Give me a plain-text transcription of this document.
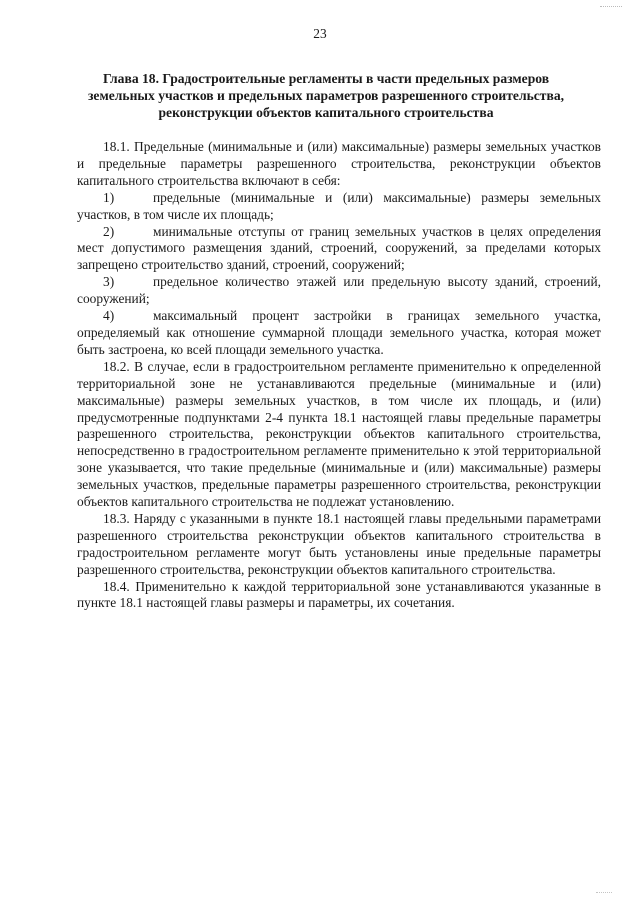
23
Глава 18. Градостроительные регламенты в части предельных размеров
земельных участков и предельных параметров разрешенного строительства,
реконструкции объектов капитального строительства

18.1. Предельные (минимальные и (или) максимальные) размеры земельных участков и предельные параметры разрешенного строительства, реконструкции объектов капитального строительства включают в себя:

1)	предельные (минимальные и (или) максимальные) размеры земельных участков, в том числе их площадь;

2)	минимальные отступы от границ земельных участков в целях определения мест допустимого размещения зданий, строений, сооружений, за пределами которых запрещено строительство зданий, строений, сооружений;

3)	предельное количество этажей или предельную высоту зданий, строений, сооружений;

4)	максимальный процент застройки в границах земельного участка, определяемый как отношение суммарной площади земельного участка, которая может быть застроена, ко всей площади земельного участка.

18.2. В случае, если в градостроительном регламенте применительно к определенной территориальной зоне не устанавливаются предельные (минимальные и (или) максимальные) размеры земельных участков, в том числе их площадь, и (или) предусмотренные подпунктами 2-4 пункта 18.1 настоящей главы предельные параметры разрешенного строительства, реконструкции объектов капитального строительства, непосредственно в градостроительном регламенте применительно к этой территориальной зоне указывается, что такие предельные (минимальные и (или) максимальные) размеры земельных участков, предельные параметры разрешенного строительства, реконструкции объектов капитального строительства не подлежат установлению.

18.3. Наряду с указанными в пункте 18.1 настоящей главы предельными параметрами разрешенного строительства реконструкции объектов капитального строительства в градостроительном регламенте могут быть установлены иные предельные параметры разрешенного строительства, реконструкции объектов капитального строительства.

18.4. Применительно к каждой территориальной зоне устанавливаются указанные в пункте 18.1 настоящей главы размеры и параметры, их сочетания.
